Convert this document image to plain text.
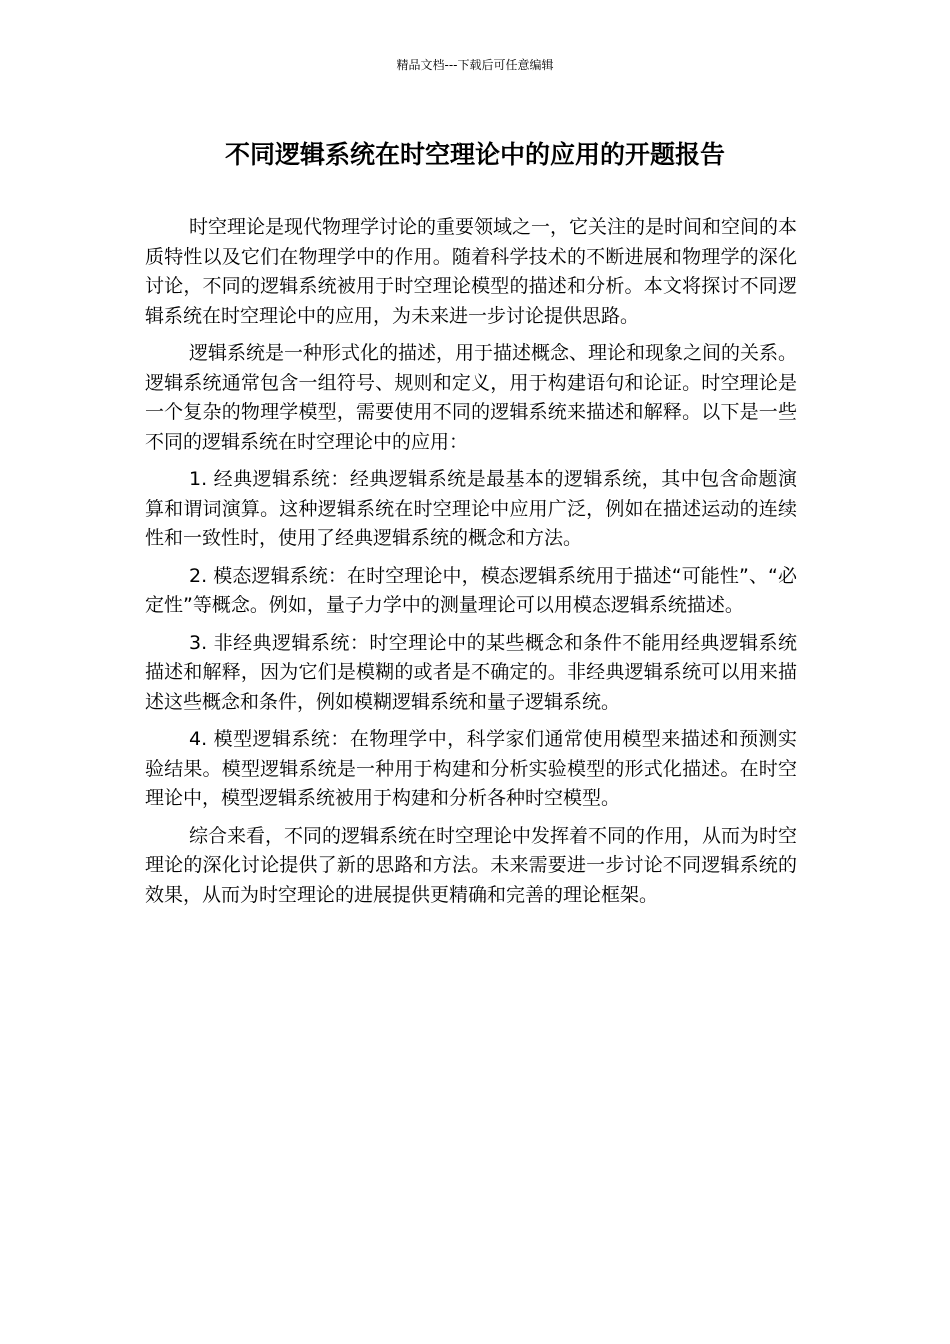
精品文档---下载后可任意编辑
不同逻辑系统在时空理论中的应用的开题报告

时空理论是现代物理学讨论的重要领域之一，它关注的是时间和空间的本质特性以及它们在物理学中的作用。随着科学技术的不断进展和物理学的深化讨论，不同的逻辑系统被用于时空理论模型的描述和分析。本文将探讨不同逻辑系统在时空理论中的应用，为未来进一步讨论提供思路。

逻辑系统是一种形式化的描述，用于描述概念、理论和现象之间的关系。逻辑系统通常包含一组符号、规则和定义，用于构建语句和论证。时空理论是一个复杂的物理学模型，需要使用不同的逻辑系统来描述和解释。以下是一些不同的逻辑系统在时空理论中的应用：

1. 经典逻辑系统：经典逻辑系统是最基本的逻辑系统，其中包含命题演算和谓词演算。这种逻辑系统在时空理论中应用广泛，例如在描述运动的连续性和一致性时，使用了经典逻辑系统的概念和方法。

2. 模态逻辑系统：在时空理论中，模态逻辑系统用于描述“可能性”、“必定性”等概念。例如，量子力学中的测量理论可以用模态逻辑系统描述。

3. 非经典逻辑系统：时空理论中的某些概念和条件不能用经典逻辑系统描述和解释，因为它们是模糊的或者是不确定的。非经典逻辑系统可以用来描述这些概念和条件，例如模糊逻辑系统和量子逻辑系统。

4. 模型逻辑系统：在物理学中，科学家们通常使用模型来描述和预测实验结果。模型逻辑系统是一种用于构建和分析实验模型的形式化描述。在时空理论中，模型逻辑系统被用于构建和分析各种时空模型。

综合来看，不同的逻辑系统在时空理论中发挥着不同的作用，从而为时空理论的深化讨论提供了新的思路和方法。未来需要进一步讨论不同逻辑系统的效果，从而为时空理论的进展提供更精确和完善的理论框架。
